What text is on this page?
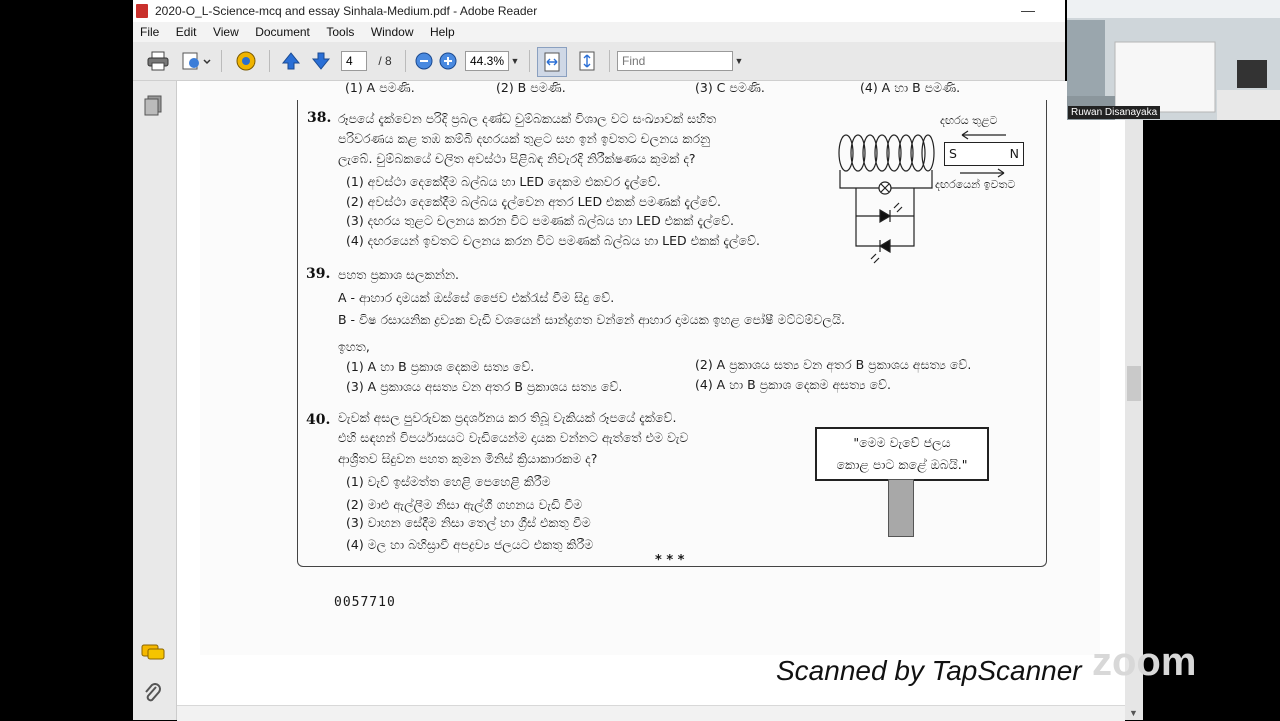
2020-O_L-Science-mcq and essay Sinhala-Medium.pdf - Adobe Reader	—
File Edit View Document Tools Window Help
4	/ 8	44.3% ▼	Find	▼
(1) A පමණි.	(2) B පමණි.	(3) C පමණි.	(4) A හා B පමණි.
38. රූපයේ දැක්වෙන පරිදි ප්‍රබල දණ්ඩ චුම්බකයක් විශාල වට සංඛ්‍යාවක් සහිත
පරිවරණය කළ තඹ කම්බි දඟරයක් තුළට සහ ඉන් ඉවතට චලනය කරනු
ලැබේ. චුම්බකයේ චලිත අවස්ථා පිළිබඳ නිවැරදි නිරීක්ෂණය කුමක් ද?
(1) අවස්ථා දෙකේදීම බල්බය හා LED දෙකම එකවර දැල්වේ.
(2) අවස්ථා දෙකේදීම බල්බය දැල්වෙන අතර LED එකක් පමණක් දැල්වේ.
(3) දඟරය තුළට චලනය කරන විට පමණක් බල්බය හා LED එකක් දැල්වේ.
(4) දඟරයෙන් ඉවතට චලනය කරන විට පමණක් බල්බය හා LED එකක් දැල්වේ.
දඟරය තුළට
S	N
දඟරයෙන් ඉවතට
39. පහත ප්‍රකාශ සලකන්න.
A - ආහාර දාමයක් ඔස්සේ ජෛව එක්රැස් වීම සිදු වේ.
B - විෂ රසායනික ද්‍රව්‍යක වැඩි වශයෙන් සාන්ද්‍රගත වන්නේ ආහාර දාමයක ඉහළ පෝෂී මට්ටම්වලයි.
ඉහත,
(1) A හා B ප්‍රකාශ දෙකම සත්‍ය වේ.	(2) A ප්‍රකාශය සත්‍ය වන අතර B ප්‍රකාශය අසත්‍ය වේ.
(3) A ප්‍රකාශය අසත්‍ය වන අතර B ප්‍රකාශය සත්‍ය වේ.	(4) A හා B ප්‍රකාශ දෙකම අසත්‍ය වේ.
40. වැවක් අසල පුවරුවක ප්‍රදර්ශනය කර තිබූ වැකියක් රූපයේ දැක්වේ.
එහි සඳහන් විපර්යාසයට වැඩියෙන්ම දායක වන්නට ඇත්තේ එම වැව
ආශ්‍රිතව සිදුවන පහත කුමන මිනිස් ක්‍රියාකාරකම ද?
(1) වැව් ඉස්මත්ත හෙළි පෙහෙළි කිරීම
(2) මාළු ඇල්ලීම නිසා ඇල්ගී ගහනය වැඩි වීම
(3) වාහන සේදීම නිසා තෙල් හා ග්‍රීස් එකතු වීම
(4) මල හා බහිස්‍රාවී අපද්‍රව්‍ය ජලයට එකතු කිරීම
"මෙම වැවේ ජලය
කොළ පාට කළේ ඔබයි."
* * *
0057710
▼
Scanned by TapScanner zoom
Ruwan Disanayaka
